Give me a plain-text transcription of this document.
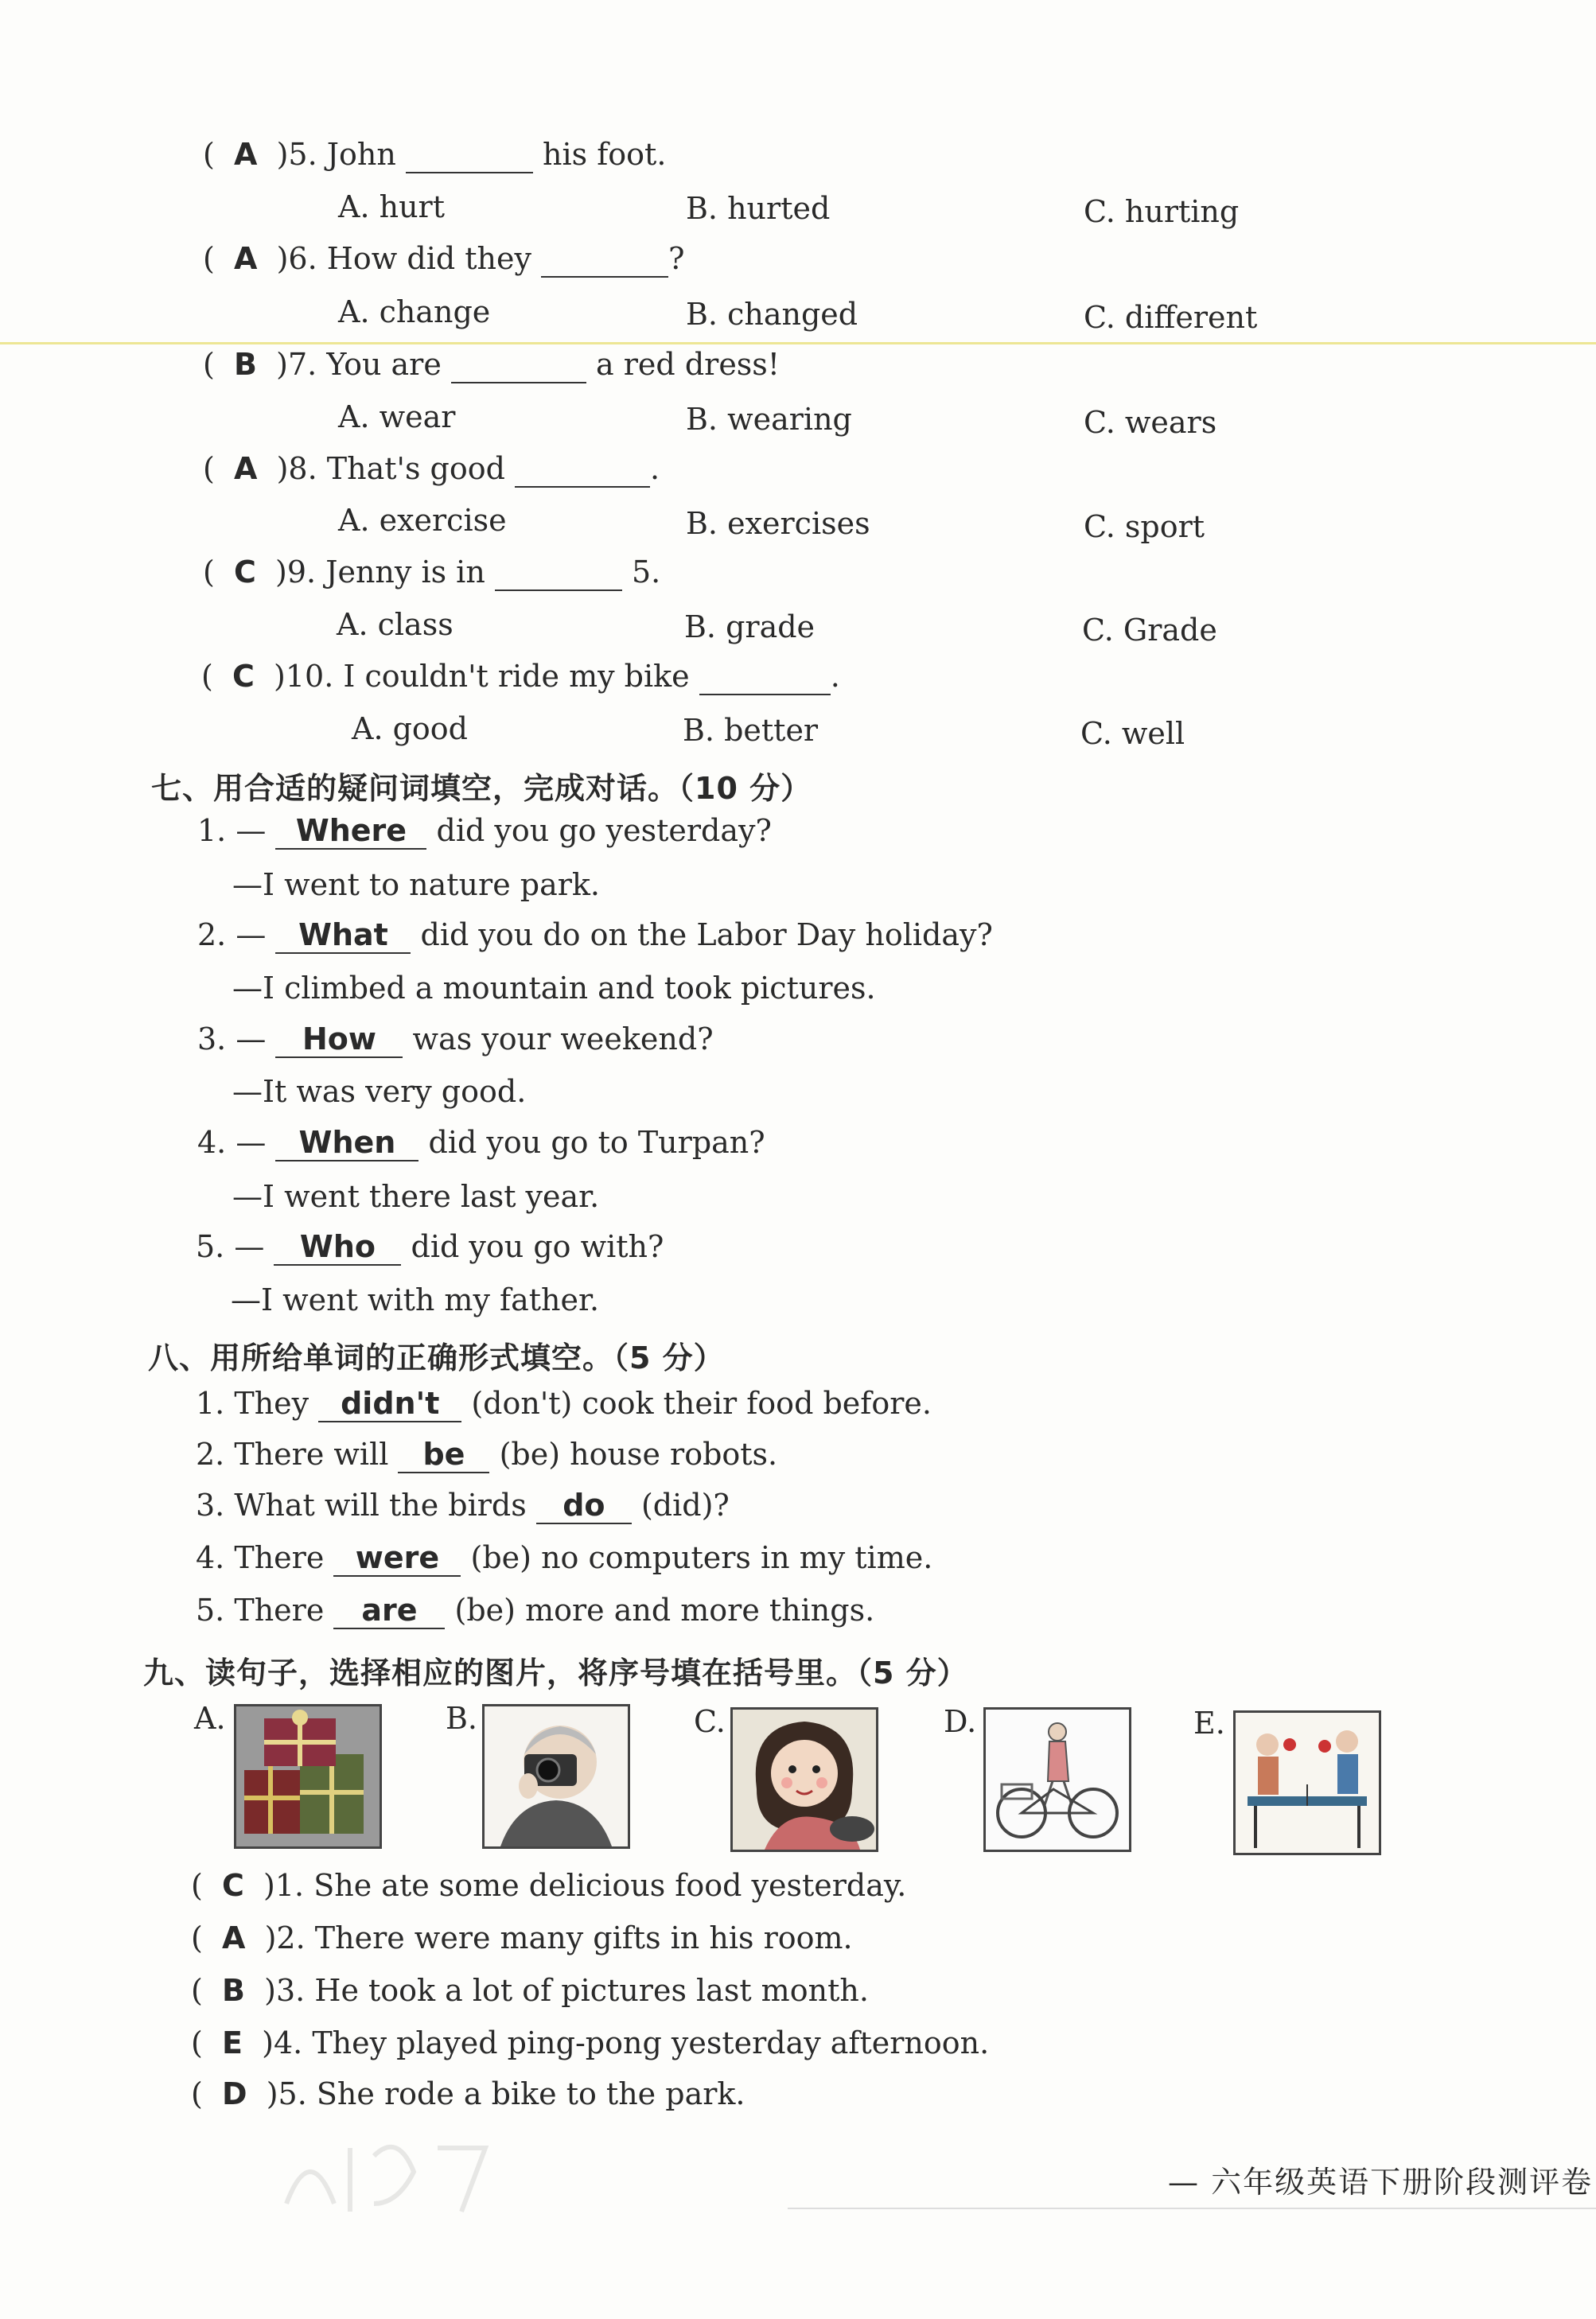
(  A )5. John	his foot.
A. hurt	B. hurted	C. hurting
(  A )6. How did they	?
A. change	B. changed	C. different
(  B )7. You are	a red dress!
A. wear	B. wearing	C. wears
(  A )8. That's good	.
A. exercise	B. exercises	C. sport
(  C )9. Jenny is in	5.
A. class	B. grade	C. Grade
(  C )10. I couldn't ride my bike	.
A. good	B. better	C. well
七、用合适的疑问词填空，完成对话。（10 分）
1. — Where did you go yesterday?
—I went to nature park.
2. — What did you do on the Labor Day holiday?
—I climbed a mountain and took pictures.
3. — How was your weekend?
—It was very good.
4. — When did you go to Turpan?
—I went there last year.
5. — Who did you go with?
—I went with my father.
八、用所给单词的正确形式填空。（5 分）
1. They didn't (don't) cook their food before.
2. There will be (be) house robots.
3. What will the birds do (did)?
4. There were (be) no computers in my time.
5. There are (be) more and more things.
九、读句子，选择相应的图片，将序号填在括号里。（5 分）
A.	B.	C.	D.	E.
(  C )1. She ate some delicious food yesterday.
(  A )2. There were many gifts in his room.
(  B )3. He took a lot of pictures last month.
(  E )4. They played ping-pong yesterday afternoon.
(  D )5. She rode a bike to the park.
— 六年级英语下册阶段测评卷
